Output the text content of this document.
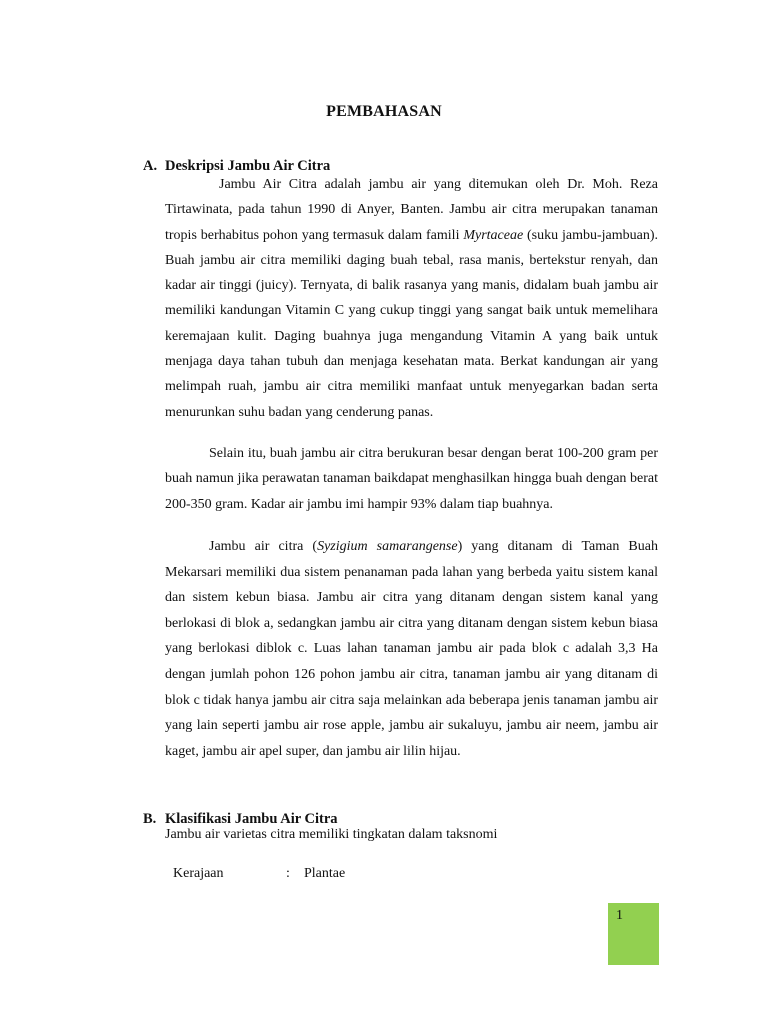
PEMBAHASAN
A. Deskripsi Jambu Air Citra

Jambu Air Citra adalah jambu air yang ditemukan oleh Dr. Moh. Reza Tirtawinata, pada tahun 1990 di Anyer, Banten. Jambu air citra merupakan tanaman tropis berhabitus pohon yang termasuk dalam famili Myrtaceae (suku jambu-jambuan). Buah jambu air citra memiliki daging buah tebal, rasa manis, bertekstur renyah, dan kadar air tinggi (juicy). Ternyata, di balik rasanya yang manis, didalam buah jambu air memiliki kandungan Vitamin C yang cukup tinggi yang sangat baik untuk memelihara keremajaan kulit. Daging buahnya juga mengandung Vitamin A yang baik untuk menjaga daya tahan tubuh dan menjaga kesehatan mata. Berkat kandungan air yang melimpah ruah, jambu air citra memiliki manfaat untuk menyegarkan badan serta menurunkan suhu badan yang cenderung panas.

Selain itu, buah jambu air citra berukuran besar dengan berat 100-200 gram per buah namun jika perawatan tanaman baikdapat menghasilkan hingga buah dengan berat 200-350 gram. Kadar air jambu imi hampir 93% dalam tiap buahnya.

Jambu air citra (Syzigium samarangense) yang ditanam di Taman Buah Mekarsari memiliki dua sistem penanaman pada lahan yang berbeda yaitu sistem kanal dan sistem kebun biasa. Jambu air citra yang ditanam dengan sistem kanal yang berlokasi di blok a, sedangkan jambu air citra yang ditanam dengan sistem kebun biasa yang berlokasi diblok c. Luas lahan tanaman jambu air pada blok c adalah 3,3 Ha dengan jumlah pohon 126 pohon jambu air citra, tanaman jambu air yang ditanam di blok c tidak hanya jambu air citra saja melainkan ada beberapa jenis tanaman jambu air yang lain seperti jambu air rose apple, jambu air sukaluyu, jambu air neem, jambu air kaget, jambu air apel super, dan jambu air lilin hijau.

B. Klasifikasi Jambu Air Citra
Jambu air varietas citra memiliki tingkatan dalam taksnomi
Kerajaan	: Plantae
1
